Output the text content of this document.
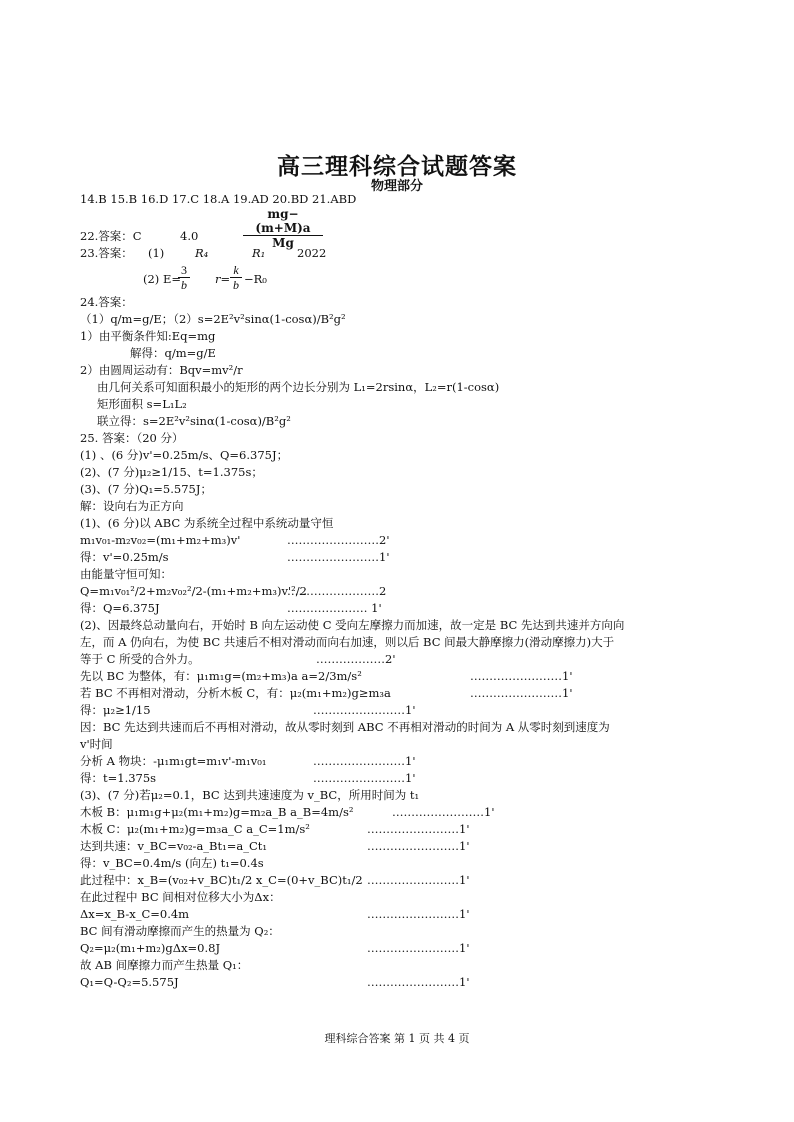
高三理科综合试题答案
物理部分
14.B 15.B 16.D 17.C 18.A 19.AD 20.BD 21.ABD
mg−(m+M)a
Mg
22.答案：C	4.0
23.答案： (1)	R₄	R₁	2022
(2) E=
3
b r=
k
b −R₀
24.答案：
（1）q/m=g/E；（2）s=2E²v²sinα(1-cosα)/B²g²
1）由平衡条件知:Eq=mg
解得：q/m=g/E
2）由圆周运动有：Bqv=mv²/r
由几何关系可知面积最小的矩形的两个边长分别为 L₁=2rsinα，L₂=r(1-cosα)
矩形面积 s=L₁L₂
联立得：s=2E²v²sinα(1-cosα)/B²g²
25. 答案：（20 分）
(1) 、(6 分)v'=0.25m/s、Q=6.375J；
(2)、(7 分)μ₂≥1/15、t=1.375s；
(3)、(7 分)Q₁=5.575J；
解：设向右为正方向
(1)、(6 分)以 ABC 为系统全过程中系统动量守恒
m₁v₀₁-m₂v₀₂=(m₁+m₂+m₃)v'	……………………2'
得：v'=0.25m/s	……………………1'
由能量守恒可知：
Q=m₁v₀₁²/2+m₂v₀₂²/2-(m₁+m₂+m₃)v'²/2
……………………2
得：Q=6.375J	………………… 1'
(2)、因最终总动量向右，开始时 B 向左运动使 C 受向左摩擦力而加速，故一定是 BC 先达到共速并方向向
左，而 A 仍向右，为使 BC 共速后不相对滑动而向右加速，则以后 BC 间最大静摩擦力(滑动摩擦力)大于
等于 C 所受的合外力。	………………2'
先以 BC 为整体，有：μ₁m₁g=(m₂+m₃)a a=2/3m/s²	……………………1'
若 BC 不再相对滑动，分析木板 C，有：μ₂(m₁+m₂)g≥m₃a	……………………1'
得：μ₂≥1/15	……………………1'
因：BC 先达到共速而后不再相对滑动，故从零时刻到 ABC 不再相对滑动的时间为 A 从零时刻到速度为
v'时间
分析 A 物块：-μ₁m₁gt=m₁v'-m₁v₀₁	……………………1'
得：t=1.375s	……………………1'
(3)、(7 分)若μ₂=0.1，BC 达到共速速度为 v_BC，所用时间为 t₁
木板 B：μ₁m₁g+μ₂(m₁+m₂)g=m₂a_B a_B=4m/s²	……………………1'
木板 C：μ₂(m₁+m₂)g=m₃a_C a_C=1m/s²	……………………1'
达到共速：v_BC=v₀₂-a_Bt₁=a_Ct₁	……………………1'
得：v_BC=0.4m/s (向左) t₁=0.4s
此过程中：x_B=(v₀₂+v_BC)t₁/2 x_C=(0+v_BC)t₁/2 ……………………1'
在此过程中 BC 间相对位移大小为Δx：
Δx=x_B-x_C=0.4m	……………………1'
BC 间有滑动摩擦而产生的热量为 Q₂：
Q₂=μ₂(m₁+m₂)gΔx=0.8J	……………………1'
故 AB 间摩擦力而产生热量 Q₁：
Q₁=Q-Q₂=5.575J	……………………1'
理科综合答案 第 1 页 共 4 页
